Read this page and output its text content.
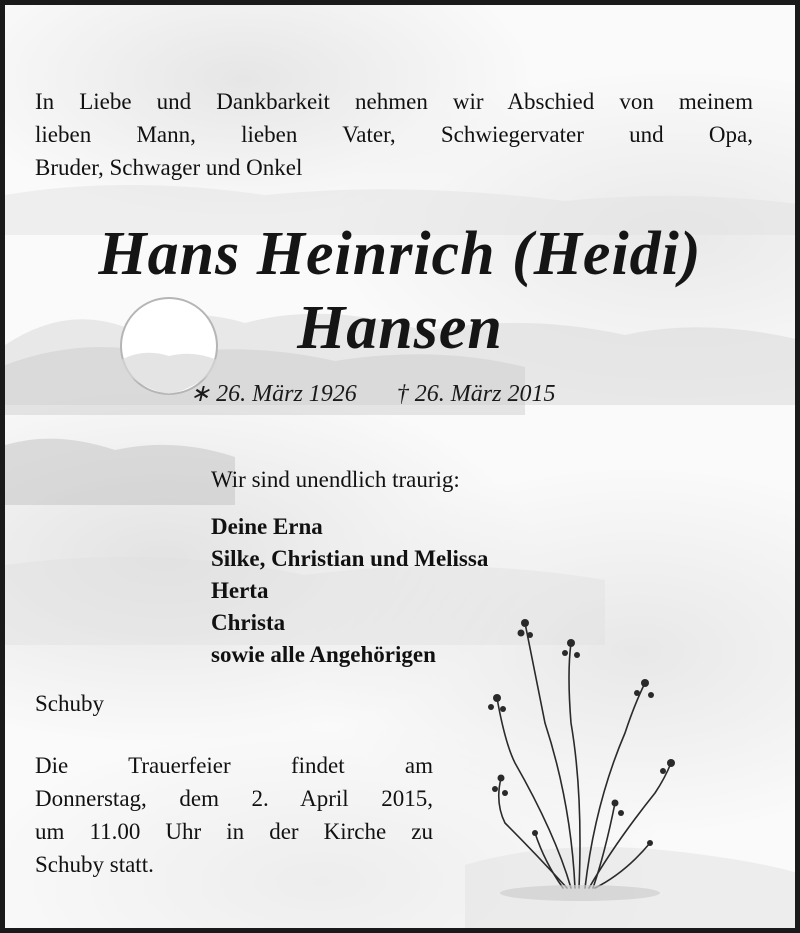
In Liebe und Dankbarkeit nehmen wir Abschied von meinem
lieben Mann, lieben Vater, Schwiegervater und Opa,
Bruder, Schwager und Onkel
Hans Heinrich (Heidi)
Hansen
∗ 26. März 1926 † 26. März 2015
Wir sind unendlich traurig:
Deine Erna
Silke, Christian und Melissa
Herta
Christa
sowie alle Angehörigen
Schuby
Die Trauerfeier findet am
Donnerstag, dem 2. April 2015,
um 11.00 Uhr in der Kirche zu
Schuby statt.
